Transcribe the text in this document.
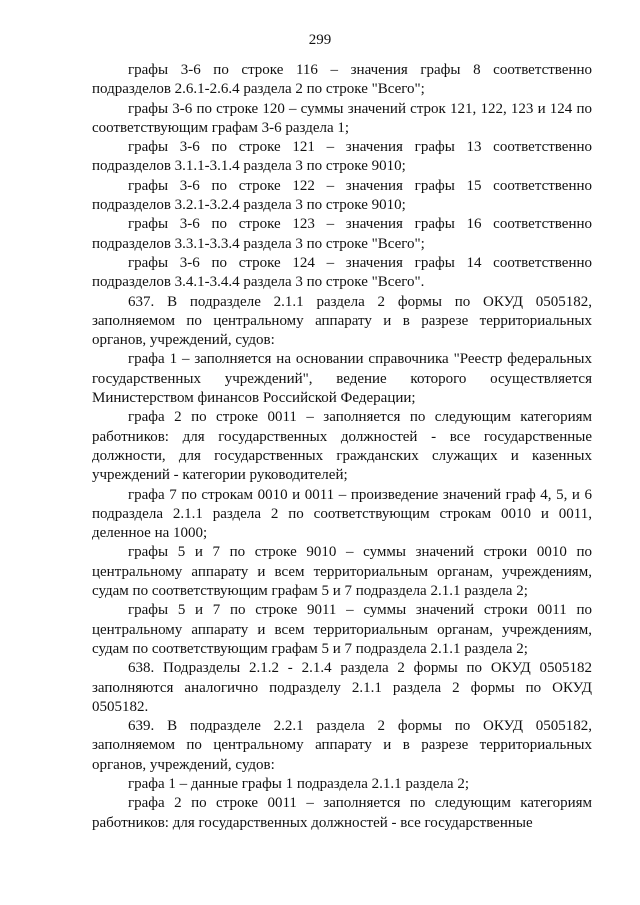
299

графы 3-6 по строке 116 – значения графы 8 соответственно подразделов 2.6.1-2.6.4 раздела 2 по строке "Всего";

графы 3-6 по строке 120 – суммы значений строк 121, 122, 123 и 124 по соответствующим графам 3-6 раздела 1;

графы 3-6 по строке 121 – значения графы 13 соответственно подразделов 3.1.1-3.1.4 раздела 3 по строке 9010;

графы 3-6 по строке 122 – значения графы 15 соответственно подразделов 3.2.1-3.2.4 раздела 3 по строке 9010;

графы 3-6 по строке 123 – значения графы 16 соответственно подразделов 3.3.1-3.3.4 раздела 3 по строке "Всего";

графы 3-6 по строке 124 – значения графы 14 соответственно подразделов 3.4.1-3.4.4 раздела 3 по строке "Всего".

637. В подразделе 2.1.1 раздела 2 формы по ОКУД 0505182, заполняемом по центральному аппарату и в разрезе территориальных органов, учреждений, судов:

графа 1 – заполняется на основании справочника "Реестр федеральных государственных учреждений", ведение которого осуществляется Министерством финансов Российской Федерации;

графа 2 по строке 0011 – заполняется по следующим категориям работников: для государственных должностей - все государственные должности, для государственных гражданских служащих и казенных учреждений - категории руководителей;

графа 7 по строкам 0010 и 0011 – произведение значений граф 4, 5, и 6 подраздела 2.1.1 раздела 2 по соответствующим строкам 0010 и 0011, деленное на 1000;

графы 5 и 7 по строке 9010 – суммы значений строки 0010 по центральному аппарату и всем территориальным органам, учреждениям, судам по соответствующим графам 5 и 7 подраздела 2.1.1 раздела 2;

графы 5 и 7 по строке 9011 – суммы значений строки 0011 по центральному аппарату и всем территориальным органам, учреждениям, судам по соответствующим графам 5 и 7 подраздела 2.1.1 раздела 2;

638. Подразделы 2.1.2 - 2.1.4 раздела 2 формы по ОКУД 0505182 заполняются аналогично подразделу 2.1.1 раздела 2 формы по ОКУД 0505182.

639. В подразделе 2.2.1 раздела 2 формы по ОКУД 0505182, заполняемом по центральному аппарату и в разрезе территориальных органов, учреждений, судов:

графа 1 – данные графы 1 подраздела 2.1.1 раздела 2;

графа 2 по строке 0011 – заполняется по следующим категориям работников: для государственных должностей - все государственные
